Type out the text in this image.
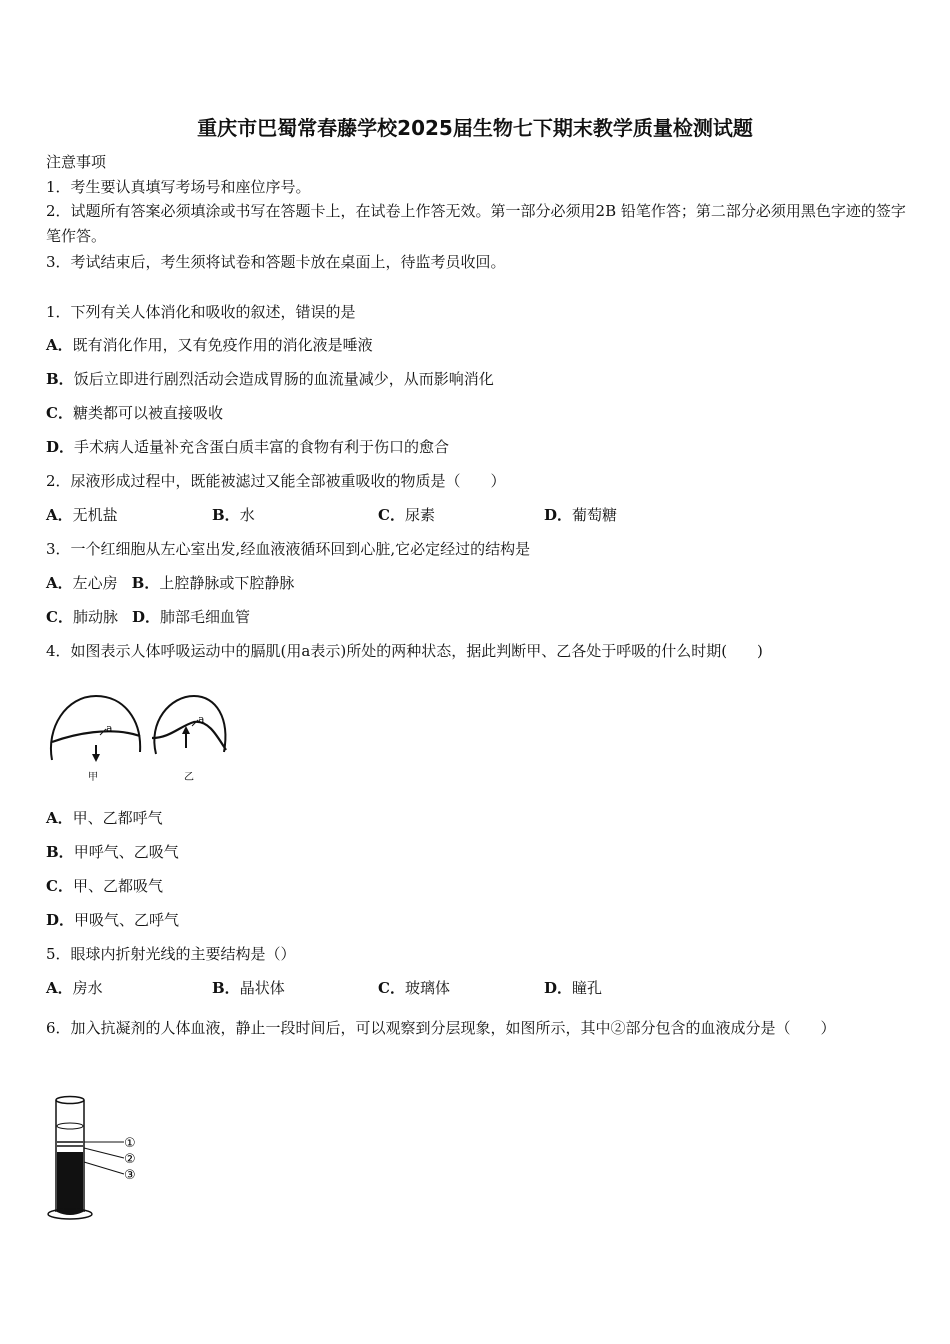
重庆市巴蜀常春藤学校2025届生物七下期末教学质量检测试题
注意事项
1．考生要认真填写考场号和座位序号。
2．试题所有答案必须填涂或书写在答题卡上，在试卷上作答无效。第一部分必须用2B 铅笔作答；第二部分必须用黑色字迹的签字笔作答。
3．考试结束后，考生须将试卷和答题卡放在桌面上，待监考员收回。
1．下列有关人体消化和吸收的叙述，错误的是
A．既有消化作用，又有免疫作用的消化液是唾液
B．饭后立即进行剧烈活动会造成胃肠的血流量减少，从而影响消化
C．糖类都可以被直接吸收
D．手术病人适量补充含蛋白质丰富的食物有利于伤口的愈合
2．尿液形成过程中，既能被滤过又能全部被重吸收的物质是（　　）
A．无机盐	B．水	C．尿素	D．葡萄糖
3．一个红细胞从左心室出发,经血液液循环回到心脏,它必定经过的结构是
A．左心房 B．上腔静脉或下腔静脉
C．肺动脉 D．肺部毛细血管
4．如图表示人体呼吸运动中的膈肌(用a表示)所处的两种状态，据此判断甲、乙各处于呼吸的什么时期(　　)
a
甲
a
乙
A．甲、乙都呼气
B．甲呼气、乙吸气
C．甲、乙都吸气
D．甲吸气、乙呼气
5．眼球内折射光线的主要结构是（）
A．房水	B．晶状体	C．玻璃体	D．瞳孔
6．加入抗凝剂的人体血液，静止一段时间后，可以观察到分层现象，如图所示，其中②部分包含的血液成分是（　　）
①
②
③
